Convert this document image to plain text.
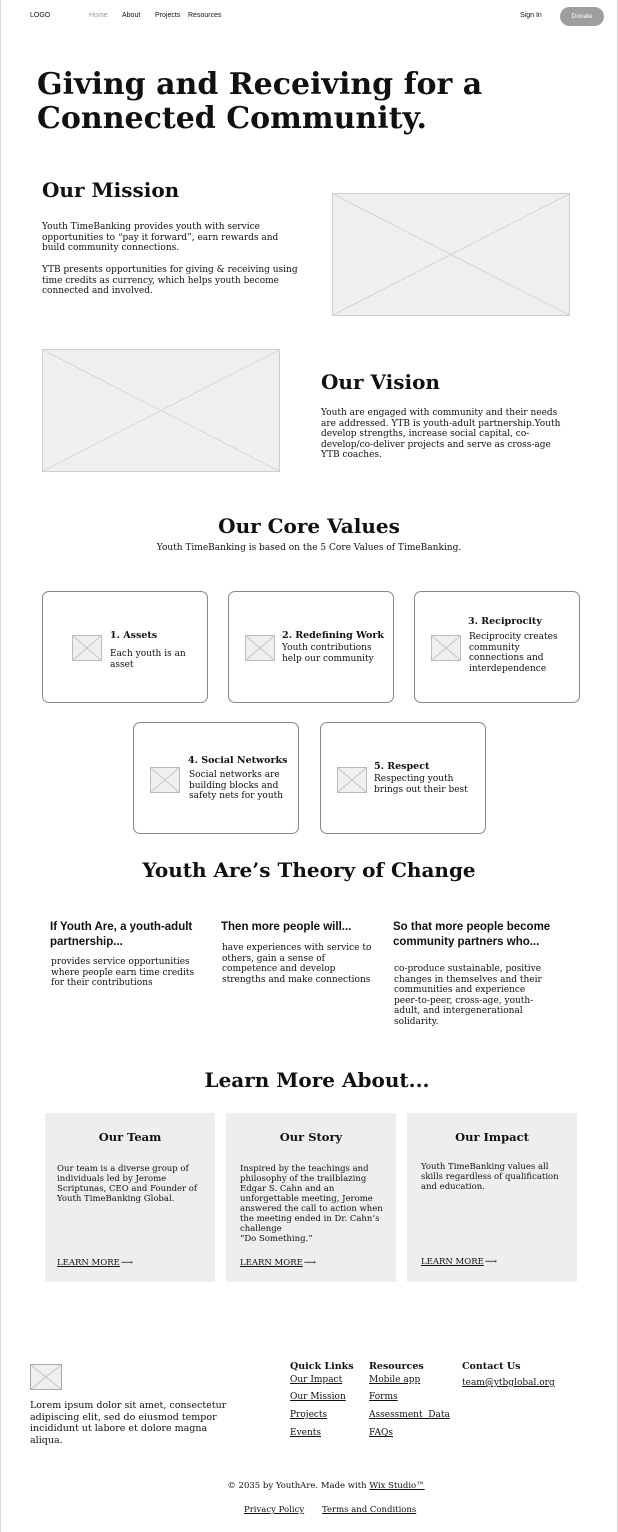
LOGO	Home About Projects Resources	Sign In	Donate
Giving and Receiving for a
Connected Community.
Our Mission
Youth TimeBanking provides youth with service opportunities to “pay it forward”, earn rewards and build community connections.
YTB presents opportunities for giving & receiving using time credits as currency, which helps youth become connected and involved.
Our Vision
Youth are engaged with community and their needs are addressed. YTB is youth-adult partnership.Youth develop strengths, increase social capital, co-develop/co-deliver projects and serve as cross-age YTB coaches.
Our Core Values
Youth TimeBanking is based on the 5 Core Values of TimeBanking.
1. Assets
Each youth is an asset
2. Redefining Work
Youth contributions help our community
3. Reciprocity
Reciprocity creates community connections and interdependence
4. Social Networks
Social networks are building blocks and safety nets for youth
5. Respect
Respecting youth brings out their best
Youth Are’s Theory of Change
If Youth Are, a youth-adult partnership...
provides service opportunities where people earn time credits for their contributions
Then more people will...
have experiences with service to others, gain a sense of competence and develop strengths and make connections
So that more people become community partners who...
co-produce sustainable, positive changes in themselves and their communities and experience peer-to-peer, cross-age, youth-adult, and intergenerational solidarity.
Learn More About...
Our Team
Our team is a diverse group of individuals led by Jerome Scriptunas, CEO and Founder of Youth TimeBanking Global.
LEARN MORE⟶
Our Story
Inspired by the teachings and philosophy of the trailblazing Edgar S. Cahn and an unforgettable meeting, Jerome answered the call to action when the meeting ended in Dr. Cahn’s challenge
“Do Something.”
LEARN MORE⟶
Our Impact
Youth TimeBanking values all skills regardless of qualification and education.
LEARN MORE⟶
Lorem ipsum dolor sit amet, consectetur adipiscing elit, sed do eiusmod tempor incididunt ut labore et dolore magna aliqua.
Quick Links
Our Impact
Our Mission
Projects
Events
Resources
Mobile app
Forms
Assessment  Data
FAQs
Contact Us
team@ytbglobal.org
© 2035 by YouthAre. Made with Wix Studio™
Privacy Policy Terms and Conditions
